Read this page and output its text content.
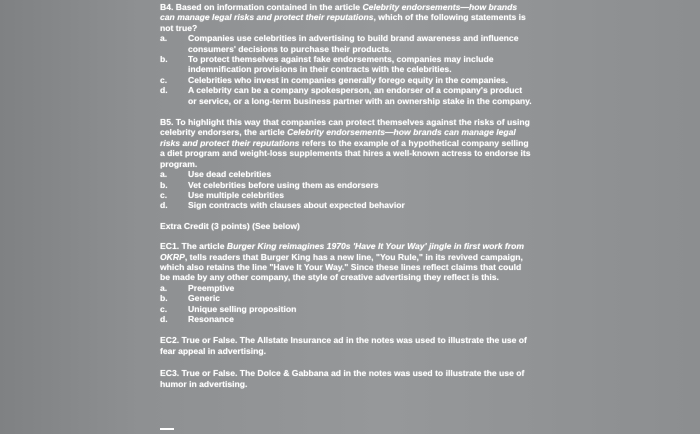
B4. Based on information contained in the article Celebrity endorsements—how brands can manage legal risks and protect their reputations, which of the following statements is not true?

a.	Companies use celebrities in advertising to build brand awareness and influence consumers' decisions to purchase their products.
b.	To protect themselves against fake endorsements, companies may include indemnification provisions in their contracts with the celebrities.
c.	Celebrities who invest in companies generally forego equity in the companies.
d.	A celebrity can be a company spokesperson, an endorser of a company's product or service, or a long-term business partner with an ownership stake in the company.

B5. To highlight this way that companies can protect themselves against the risks of using celebrity endorsers, the article Celebrity endorsements—how brands can manage legal risks and protect their reputations refers to the example of a hypothetical company selling a diet program and weight-loss supplements that hires a well-known actress to endorse its program.

a.	Use dead celebrities
b.	Vet celebrities before using them as endorsers
c.	Use multiple celebrities
d.	Sign contracts with clauses about expected behavior

Extra Credit (3 points) (See below)

EC1. The article Burger King reimagines 1970s 'Have It Your Way' jingle in first work from OKRP, tells readers that Burger King has a new line, "You Rule," in its revived campaign, which also retains the line "Have It Your Way." Since these lines reflect claims that could be made by any other company, the style of creative advertising they reflect is this.

a.	Preemptive
b.	Generic
c.	Unique selling proposition
d.	Resonance

EC2. True or False. The Allstate Insurance ad in the notes was used to illustrate the use of fear appeal in advertising.

EC3. True or False. The Dolce & Gabbana ad in the notes was used to illustrate the use of humor in advertising.
